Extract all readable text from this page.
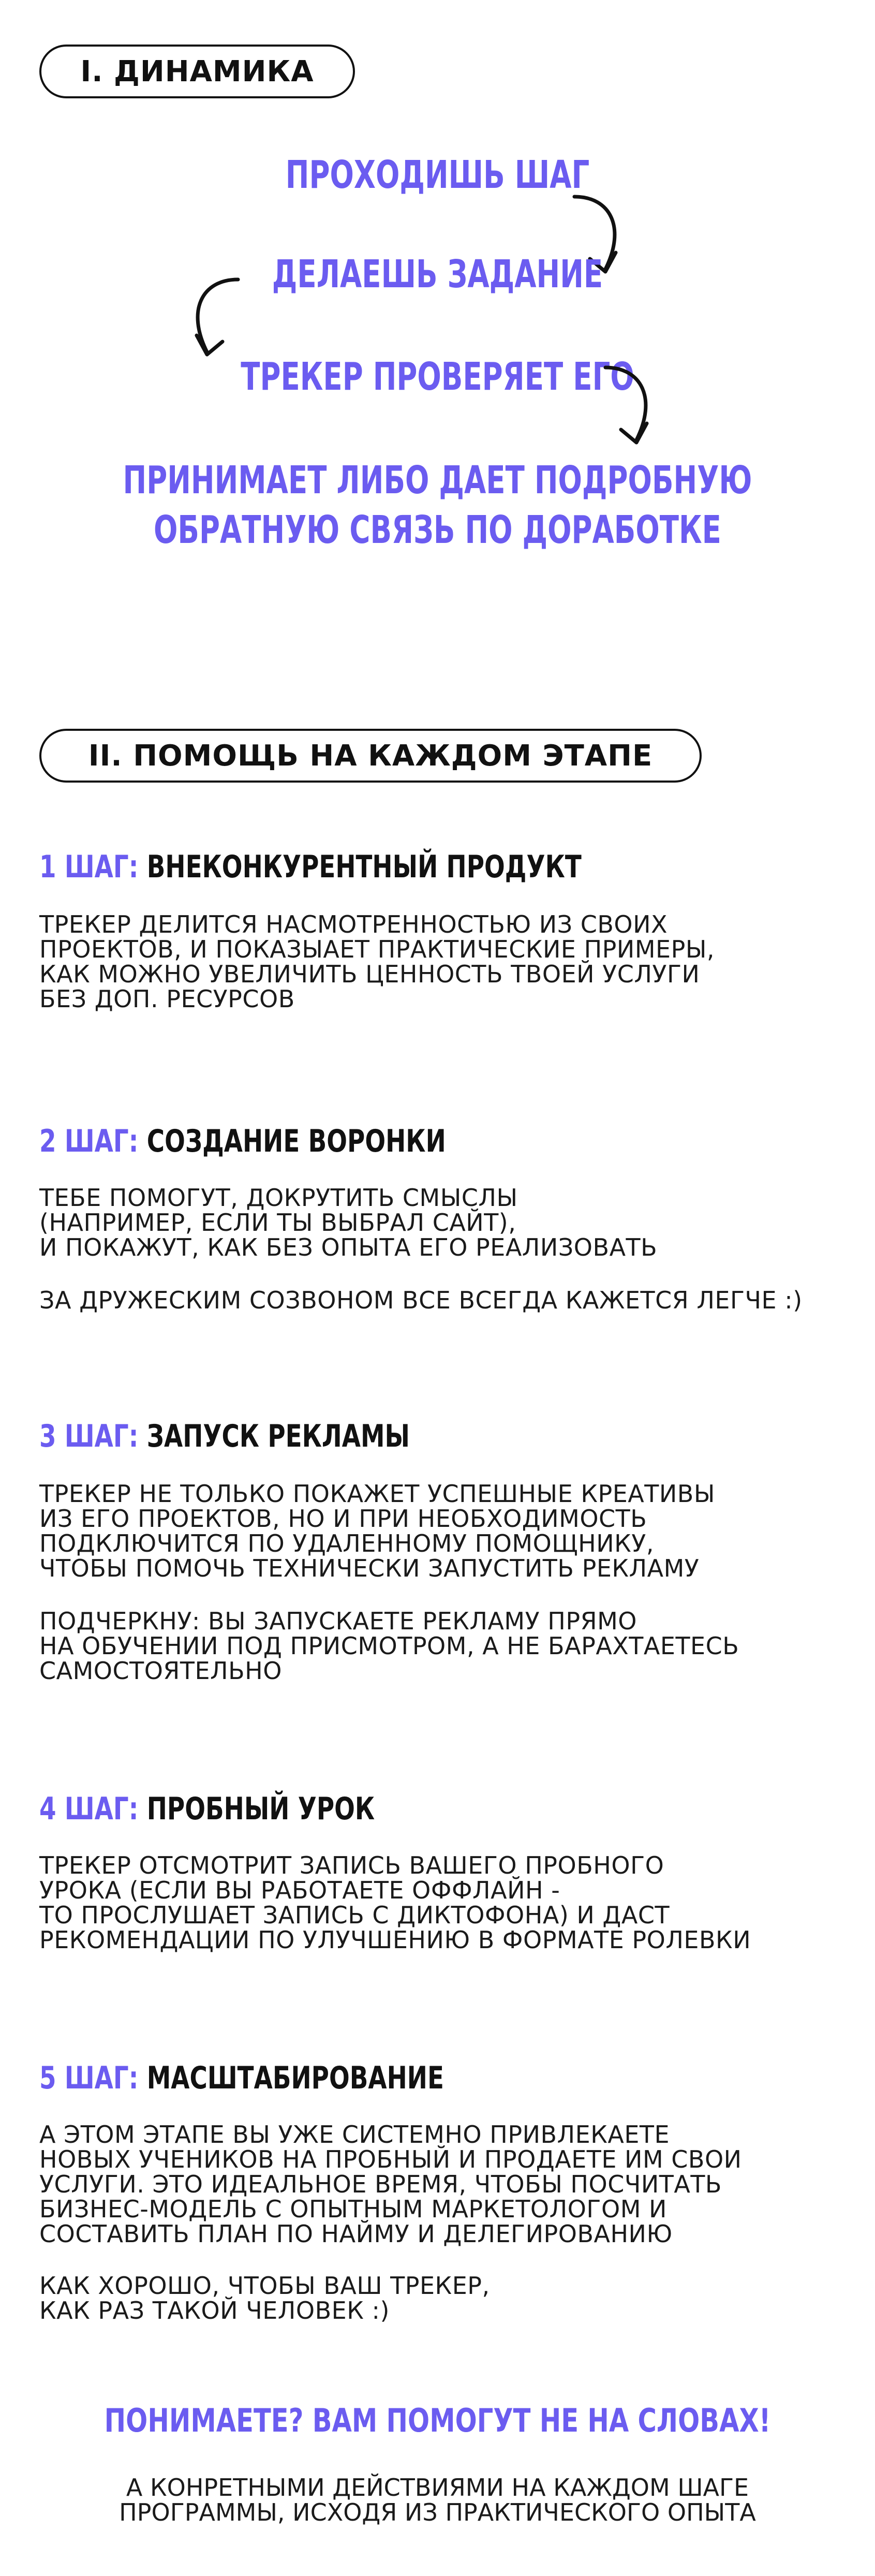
I. ДИНАМИКА
ПРОХОДИШЬ ШАГ
ДЕЛАЕШЬ ЗАДАНИЕ
ТРЕКЕР ПРОВЕРЯЕТ ЕГО
ПРИНИМАЕТ ЛИБО ДАЕТ ПОДРОБНУЮ
ОБРАТНУЮ СВЯЗЬ ПО ДОРАБОТКЕ
II. ПОМОЩЬ НА КАЖДОМ ЭТАПЕ
1 ШАГ: ВНЕКОНКУРЕНТНЫЙ ПРОДУКТ
ТРЕКЕР ДЕЛИТСЯ НАСМОТРЕННОСТЬЮ ИЗ СВОИХ
ПРОЕКТОВ, И ПОКАЗЫАЕТ ПРАКТИЧЕСКИЕ ПРИМЕРЫ,
КАК МОЖНО УВЕЛИЧИТЬ ЦЕННОСТЬ ТВОЕЙ УСЛУГИ
БЕЗ ДОП. РЕСУРСОВ
2 ШАГ: СОЗДАНИЕ ВОРОНКИ
ТЕБЕ ПОМОГУТ, ДОКРУТИТЬ СМЫСЛЫ
(НАПРИМЕР, ЕСЛИ ТЫ ВЫБРАЛ САЙТ),
И ПОКАЖУТ, КАК БЕЗ ОПЫТА ЕГО РЕАЛИЗОВАТЬ
ЗА ДРУЖЕСКИМ СОЗВОНОМ ВСЕ ВСЕГДА КАЖЕТСЯ ЛЕГЧЕ :)
3 ШАГ: ЗАПУСК РЕКЛАМЫ
ТРЕКЕР НЕ ТОЛЬКО ПОКАЖЕТ УСПЕШНЫЕ КРЕАТИВЫ
ИЗ ЕГО ПРОЕКТОВ, НО И ПРИ НЕОБХОДИМОСТЬ
ПОДКЛЮЧИТСЯ ПО УДАЛЕННОМУ ПОМОЩНИКУ,
ЧТОБЫ ПОМОЧЬ ТЕХНИЧЕСКИ ЗАПУСТИТЬ РЕКЛАМУ
ПОДЧЕРКНУ: ВЫ ЗАПУСКАЕТЕ РЕКЛАМУ ПРЯМО
НА ОБУЧЕНИИ ПОД ПРИСМОТРОМ, А НЕ БАРАХТАЕТЕСЬ
САМОСТОЯТЕЛЬНО
4 ШАГ: ПРОБНЫЙ УРОК
ТРЕКЕР ОТСМОТРИТ ЗАПИСЬ ВАШЕГО ПРОБНОГО
УРОКА (ЕСЛИ ВЫ РАБОТАЕТЕ ОФФЛАЙН -
ТО ПРОСЛУШАЕТ ЗАПИСЬ С ДИКТОФОНА) И ДАСТ
РЕКОМЕНДАЦИИ ПО УЛУЧШЕНИЮ В ФОРМАТЕ РОЛЕВКИ
5 ШАГ: МАСШТАБИРОВАНИЕ
А ЭТОМ ЭТАПЕ ВЫ УЖЕ СИСТЕМНО ПРИВЛЕКАЕТЕ
НОВЫХ УЧЕНИКОВ НА ПРОБНЫЙ И ПРОДАЕТЕ ИМ СВОИ
УСЛУГИ. ЭТО ИДЕАЛЬНОЕ ВРЕМЯ, ЧТОБЫ ПОСЧИТАТЬ
БИЗНЕС-МОДЕЛЬ С ОПЫТНЫМ МАРКЕТОЛОГОМ И
СОСТАВИТЬ ПЛАН ПО НАЙМУ И ДЕЛЕГИРОВАНИЮ
КАК ХОРОШО, ЧТОБЫ ВАШ ТРЕКЕР,
КАК РАЗ ТАКОЙ ЧЕЛОВЕК :)
ПОНИМАЕТЕ? ВАМ ПОМОГУТ НЕ НА СЛОВАХ!
А КОНРЕТНЫМИ ДЕЙСТВИЯМИ НА КАЖДОМ ШАГЕ
ПРОГРАММЫ, ИСХОДЯ ИЗ ПРАКТИЧЕСКОГО ОПЫТА
